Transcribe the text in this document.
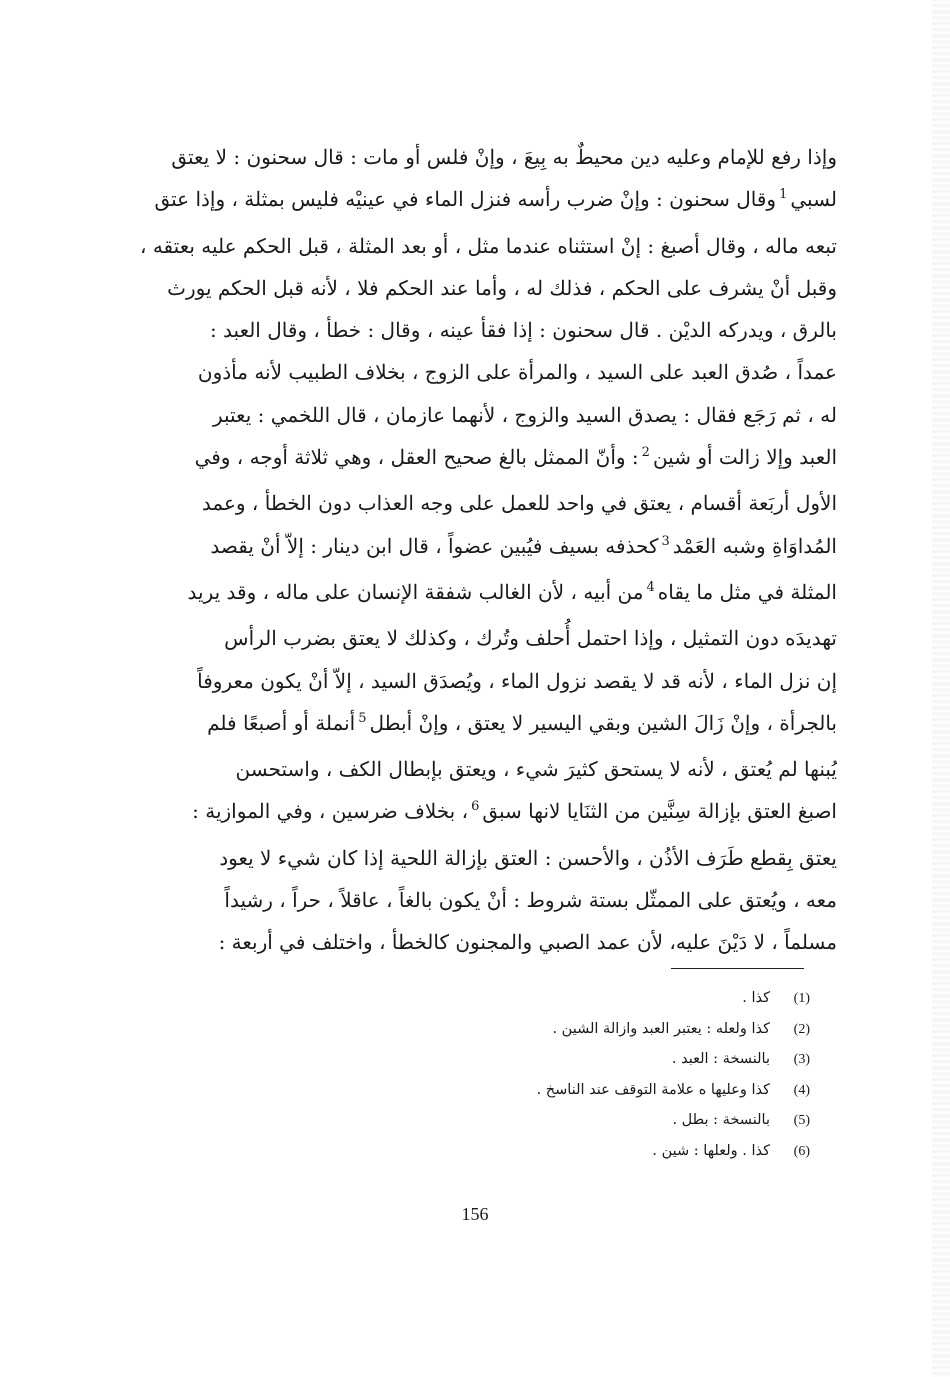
وإذا رفع للإمام وعليه دين محيطٌ به بِيعَ ، وإنْ فلس أو مات : قال سحنون : لا يعتق
لسبي$^1$وقال سحنون : وإنْ ضرب رأسه فنزل الماء في عينيْه فليس بمثلة ، وإذا عتق
تبعه ماله ، وقال أصبغ : إنْ استثناه عندما مثل ، أو بعد المثلة ، قبل الحكم عليه بعتقه ،
وقبل أنْ يشرف على الحكم ، فذلك له ، وأما عند الحكم فلا ، لأنه قبل الحكم يورث
بالرق ، ويدركه الديْن . قال سحنون : إذا فقأ عينه ، وقال : خطأ ، وقال العبد :
عمداً ، صُدق العبد على السيد ، والمرأة على الزوج ، بخلاف الطبيب لأنه مأذون
له ، ثم رَجَع فقال : يصدق السيد والزوج ، لأنهما عازمان ، قال اللخمي : يعتبر
العبد وإلا زالت أو شين$^2$: وأنّ الممثل بالغ صحيح العقل ، وهي ثلاثة أوجه ، وفي
الأول أربَعة أقسام ، يعتق في واحد للعمل على وجه العذاب دون الخطأ ، وعمد
المُداوَاةِ وشبه العَمْد$^3$كحذفه بسيف فيُبين عضواً ، قال ابن دينار : إلاّ أنْ يقصد
المثلة في مثل ما يقاه$^4$من أبيه ، لأن الغالب شفقة الإنسان على ماله ، وقد يريد
تهديدَه دون التمثيل ، وإذا احتمل أُحلف وتُرك ، وكذلك لا يعتق بضرب الرأس
إن نزل الماء ، لأنه قد لا يقصد نزول الماء ، ويُصدَق السيد ، إلاّ أنْ يكون معروفاً
بالجرأة ، وإنْ زَالَ الشين وبقي اليسير لا يعتق ، وإنْ أبطل$^5$أنملة أو أصبعًا فلم
يُبنها لم يُعتق ، لأنه لا يستحق كثيرَ شيء ، ويعتق بإبطال الكف ، واستحسن
اصبغ العتق بإزالة سِنَّين من الثنَايا لانها سبق$^6$، بخلاف ضرسين ، وفي الموازية :
يعتق بِقطع طَرَف الأذُن ، والأحسن : العتق بإزالة اللحية إذا كان شيء لا يعود
معه ، ويُعتق على الممثّل بستة شروط : أنْ يكون بالغاً ، عاقلاً ، حراً ، رشيداً
مسلماً ، لا دَيْنَ عليه، لأن عمد الصبي والمجنون كالخطأ ، واختلف في أربعة :
(1)كذا .
(2)كذا ولعله : يعتبر العبد وازالة الشين .
(3)بالنسخة : العبد .
(4)كذا وعليها ه علامة التوقف عند الناسخ .
(5)بالنسخة : بطل .
(6)كذا . ولعلها : شين .
156
